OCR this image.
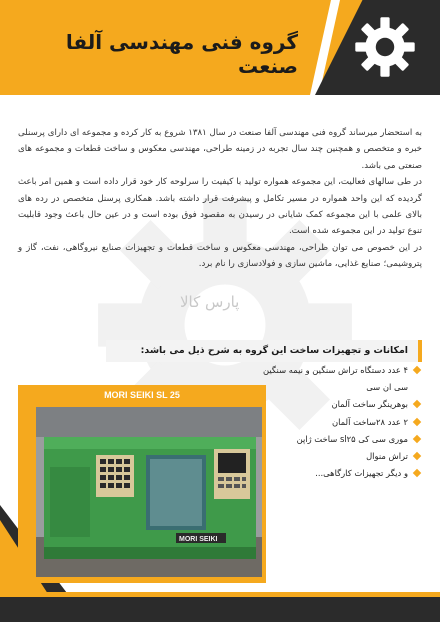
گروه فنی مهندسی آلفا صنعت

به استحضار میرساند گروه فنی مهندسی آلفا صنعت در سال ۱۳۸۱ شروع به کار کرده و مجموعه ای دارای پرسنلی خبره و متخصص و همچنین چند سال تجربه در زمینه طراحی، مهندسی معکوس و ساخت قطعات و مجموعه های صنعتی می باشد.

در طی سالهای فعالیت، این مجموعه همواره تولید با کیفیت را سرلوحه کار خود قرار داده است و همین امر باعث گردیده که این واحد همواره در مسیر تکامل و پیشرفت قرار داشته باشد. همکاری پرسنل متخصص در رده های بالای علمی با این مجموعه کمک شایانی در رسیدن به مقصود فوق بوده است و در عین حال باعث وجود قابلیت تنوع تولید در این مجموعه شده است.

در این خصوص می توان طراحی، مهندسی معکوس و ساخت قطعات و تجهیزات صنایع نیروگاهی، نفت، گاز و پتروشیمی؛ صنایع غذایی، ماشین سازی و فولادسازی را نام برد.

پارس کالا
امکانات و تجهیزات ساخت این گروه به شرح ذیل می باشد:
۴ عدد دستگاه تراش سنگین و نیمه سنگین سی ان سی
بوهرینگر ساخت آلمان
۲ عدد ۲۸ساخت آلمان
موری سی کی sl۲۵ ساخت ژاپن
تراش منوال
و دیگر تجهیزات کارگاهی...
MORI SEIKI SL 25
MORI SEIKI
